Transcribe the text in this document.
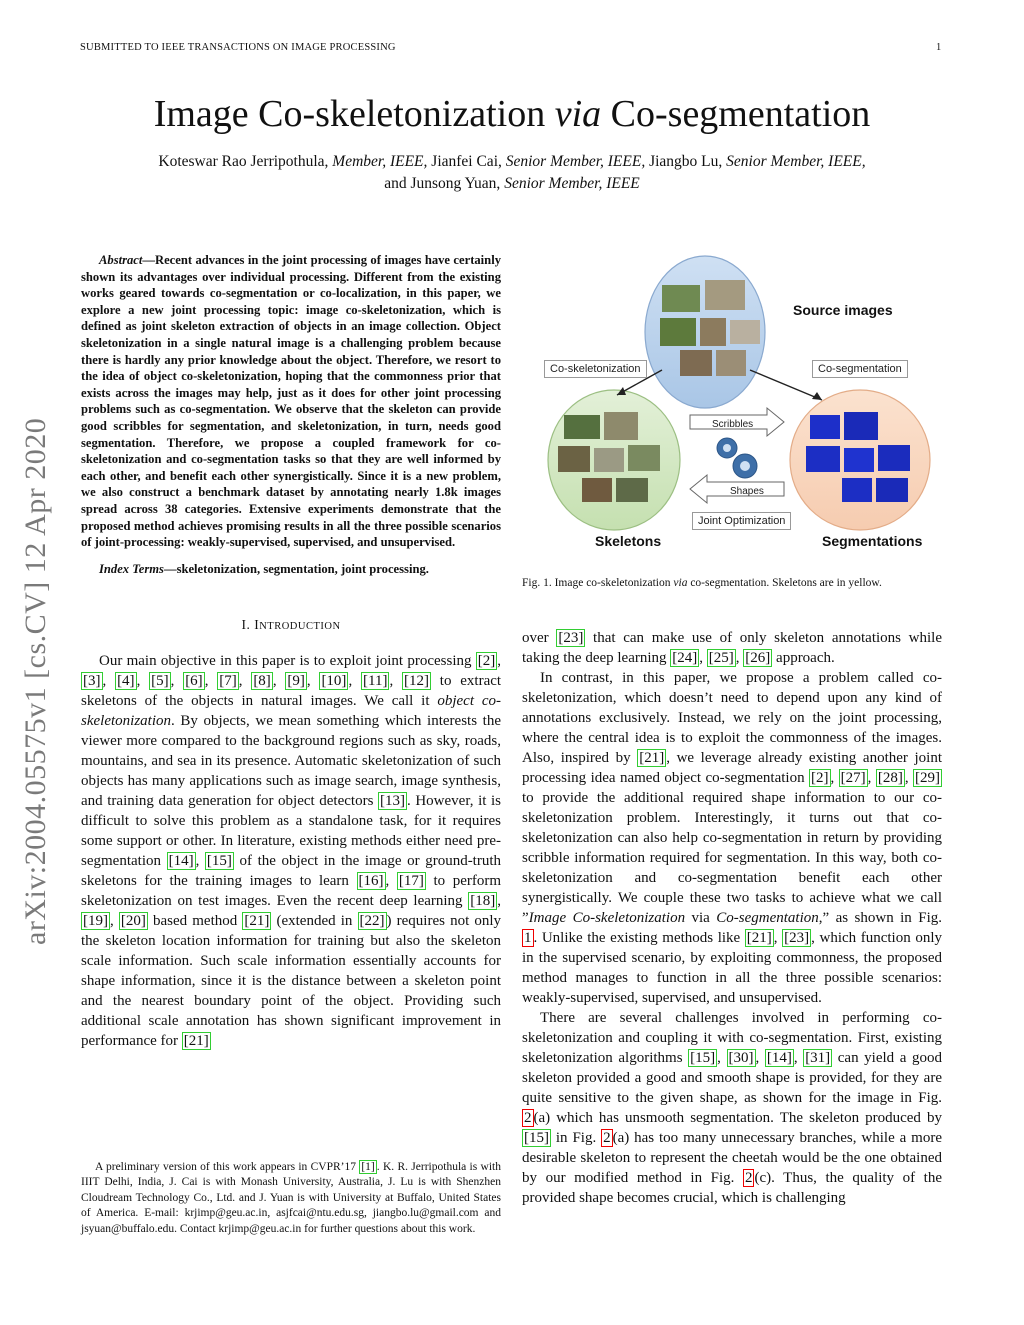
SUBMITTED TO IEEE TRANSACTIONS ON IMAGE PROCESSING	1
arXiv:2004.05575v1 [cs.CV] 12 Apr 2020
Image Co-skeletonization via Co-segmentation
Koteswar Rao Jerripothula, Member, IEEE, Jianfei Cai, Senior Member, IEEE, Jiangbo Lu, Senior Member, IEEE,
and Junsong Yuan, Senior Member, IEEE

Abstract—Recent advances in the joint processing of images have certainly shown its advantages over individual processing. Different from the existing works geared towards co-segmentation or co-localization, in this paper, we explore a new joint processing topic: image co-skeletonization, which is defined as joint skeleton extraction of objects in an image collection. Object skeletonization in a single natural image is a challenging problem because there is hardly any prior knowledge about the object. Therefore, we resort to the idea of object co-skeletonization, hoping that the commonness prior that exists across the images may help, just as it does for other joint processing problems such as co-segmentation. We observe that the skeleton can provide good scribbles for segmentation, and skeletonization, in turn, needs good segmentation. Therefore, we propose a coupled framework for co-skeletonization and co-segmentation tasks so that they are well informed by each other, and benefit each other synergistically. Since it is a new problem, we also construct a benchmark dataset by annotating nearly 1.8k images spread across 38 categories. Extensive experiments demonstrate that the proposed method achieves promising results in all the three possible scenarios of joint-processing: weakly-supervised, supervised, and unsupervised.

Index Terms—skeletonization, segmentation, joint processing.

I. INTRODUCTION

Our main objective in this paper is to exploit joint processing [2] , [3] , [4] , [5] , [6] , [7] , [8] , [9] , [10] , [11] , [12] to extract skeletons of the objects in natural images. We call it object co-skeletonization. By objects, we mean something which interests the viewer more compared to the background regions such as sky, roads, mountains, and sea in its presence. Automatic skeletonization of such objects has many applications such as image search, image synthesis, and training data generation for object detectors [13] . However, it is difficult to solve this problem as a standalone task, for it requires some support or other. In literature, existing methods either need pre-segmentation [14] , [15] of the object in the image or ground-truth skeletons for the training images to learn [16] , [17] to perform skeletonization on test images. Even the recent deep learning [18] , [19] , [20] based method [21] (extended in [22] ) requires not only the skeleton location information for training but also the skeleton scale information. Such scale information essentially accounts for shape information, since it is the distance between a skeleton point and the nearest boundary point of the object. Providing such additional scale annotation has shown significant improvement in performance for [21]

A preliminary version of this work appears in CVPR’17 [1] . K. R. Jerripothula is with IIIT Delhi, India, J. Cai is with Monash University, Australia, J. Lu is with Shenzhen Cloudream Technology Co., Ltd. and J. Yuan is with University at Buffalo, United States of America. E-mail: krjimp@geu.ac.in, asjfcai@ntu.edu.sg, jiangbo.lu@gmail.com and jsyuan@buffalo.edu. Contact krjimp@geu.ac.in for further questions about this work.

Source images
Co-skeletonization	Co-segmentation
Scribbles
Shapes
Joint Optimization
Skeletons	Segmentations
Fig. 1. Image co-skeletonization via co-segmentation. Skeletons are in yellow.

over [23] that can make use of only skeleton annotations while taking the deep learning [24] , [25] , [26] approach.

In contrast, in this paper, we propose a problem called co-skeletonization, which doesn’t need to depend upon any kind of annotations exclusively. Instead, we rely on the joint processing, where the central idea is to exploit the commonness of the images. Also, inspired by [21] , we leverage already existing another joint processing idea named object co-segmentation [2] , [27] , [28] , [29] to provide the additional required shape information to our co-skeletonization problem. Interestingly, it turns out that co-skeletonization can also help co-segmentation in return by providing scribble information required for segmentation. In this way, both co-skeletonization and co-segmentation benefit each other synergistically. We couple these two tasks to achieve what we call ”Image Co-skeletonization via Co-segmentation,” as shown in Fig. 1 . Unlike the existing methods like [21] , [23] , which function only in the supervised scenario, by exploiting commonness, the proposed method manages to function in all the three possible scenarios: weakly-supervised, supervised, and unsupervised.

There are several challenges involved in performing co-skeletonization and coupling it with co-segmentation. First, existing skeletonization algorithms [15] , [30] , [14] , [31] can yield a good skeleton provided a good and smooth shape is provided, for they are quite sensitive to the given shape, as shown for the image in Fig. 2 (a) which has unsmooth segmentation. The skeleton produced by [15] in Fig. 2 (a) has too many unnecessary branches, while a more desirable skeleton to represent the cheetah would be the one obtained by our modified method in Fig. 2 (c). Thus, the quality of the provided shape becomes crucial, which is challenging
